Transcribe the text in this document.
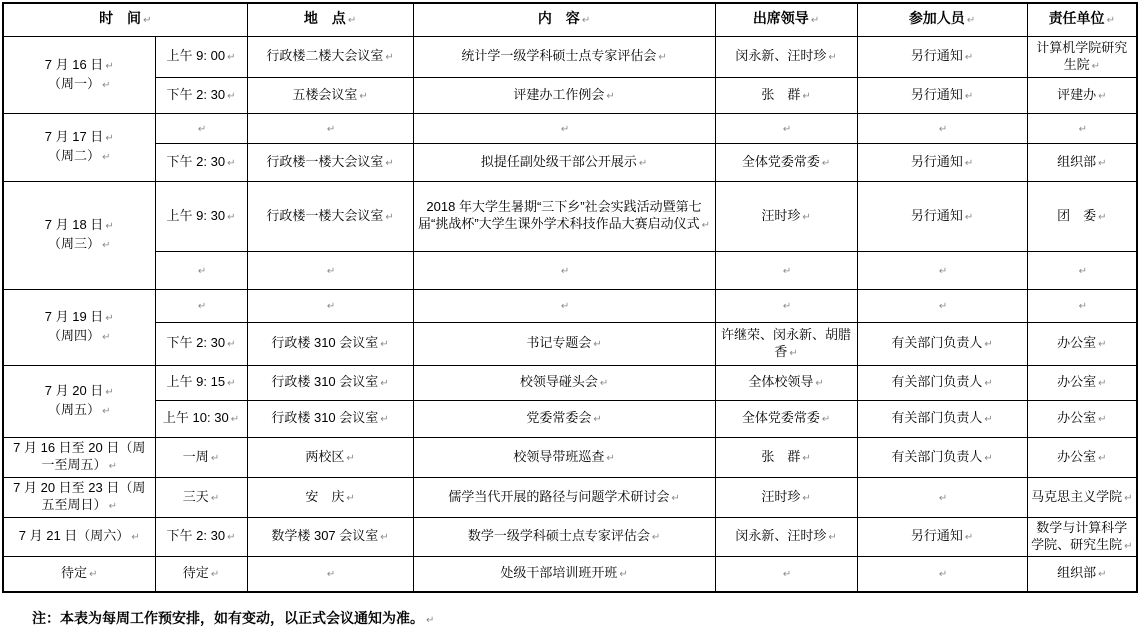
时　间 ↵		地　点 ↵	内　容 ↵	出席领导 ↵	参加人员 ↵	责任单位 ↵

7 月 16 日 ↵
（周一） ↵	上午 9: 00 ↵	行政楼二楼大会议室 ↵	统计学一级学科硕士点专家评估会 ↵	闵永新、汪时珍 ↵	另行通知 ↵	计算机学院研究生院 ↵

	下午 2: 30 ↵	五楼会议室 ↵	评建办工作例会 ↵	张　群 ↵	另行通知 ↵	评建办 ↵

7 月 17 日 ↵
（周二） ↵	↵	↵	↵	↵	↵	↵

	下午 2: 30 ↵	行政楼一楼大会议室 ↵	拟提任副处级干部公开展示 ↵	全体党委常委 ↵	另行通知 ↵	组织部 ↵

7 月 18 日 ↵
（周三） ↵	上午 9: 30 ↵	行政楼一楼大会议室 ↵	2018 年大学生暑期“三下乡”社会实践活动暨第七届“挑战杯”大学生课外学术科技作品大赛启动仪式 ↵	汪时珍 ↵	另行通知 ↵	团　委 ↵

	↵	↵	↵	↵	↵	↵

7 月 19 日 ↵
（周四） ↵	↵	↵	↵	↵	↵	↵

	下午 2: 30 ↵	行政楼 310 会议室 ↵	书记专题会 ↵	许继荣、闵永新、胡腊香 ↵	有关部门负责人 ↵	办公室 ↵

7 月 20 日 ↵
（周五） ↵	上午 9: 15 ↵	行政楼 310 会议室 ↵	校领导碰头会 ↵	全体校领导 ↵	有关部门负责人 ↵	办公室 ↵

	上午 10: 30 ↵	行政楼 310 会议室 ↵	党委常委会 ↵	全体党委常委 ↵	有关部门负责人 ↵	办公室 ↵

7 月 16 日至 20 日（周一至周五） ↵	一周 ↵	两校区 ↵	校领导带班巡查 ↵	张　群 ↵	有关部门负责人 ↵	办公室 ↵

7 月 20 日至 23 日（周五至周日） ↵	三天 ↵	安　庆 ↵	儒学当代开展的路径与问题学术研讨会 ↵	汪时珍 ↵	↵	马克思主义学院 ↵

7 月 21 日（周六） ↵	下午 2: 30 ↵	数学楼 307 会议室 ↵	数学一级学科硕士点专家评估会 ↵	闵永新、汪时珍 ↵	另行通知 ↵	数学与计算科学学院、研究生院 ↵

待定 ↵	待定 ↵	↵	处级干部培训班开班 ↵	↵	↵	组织部 ↵
注：本表为每周工作预安排，如有变动，以正式会议通知为准。 ↵
